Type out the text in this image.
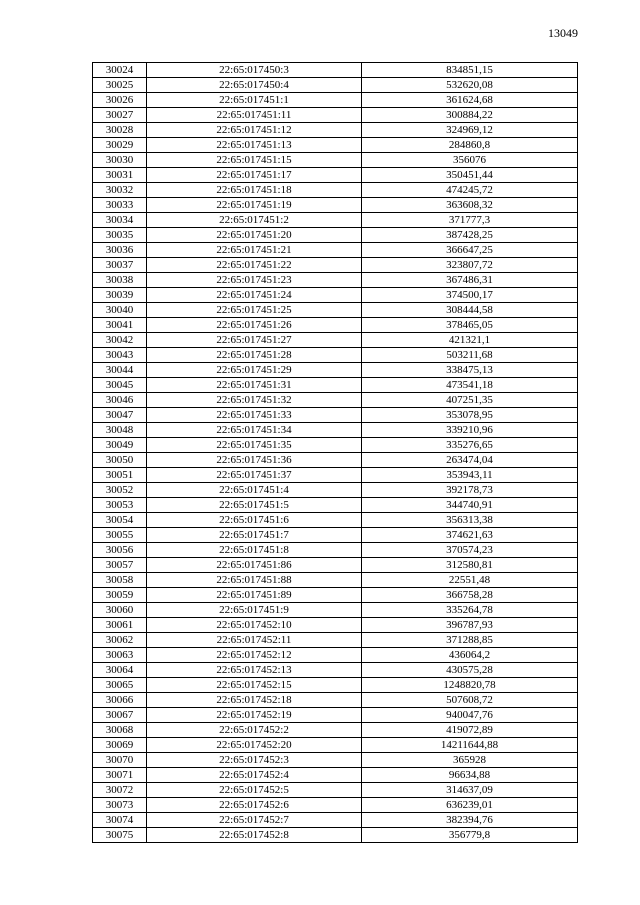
13049
30024	22:65:017450:3	834851,15
30025	22:65:017450:4	532620,08
30026	22:65:017451:1	361624,68
30027	22:65:017451:11	300884,22
30028	22:65:017451:12	324969,12
30029	22:65:017451:13	284860,8
30030	22:65:017451:15	356076
30031	22:65:017451:17	350451,44
30032	22:65:017451:18	474245,72
30033	22:65:017451:19	363608,32
30034	22:65:017451:2	371777,3
30035	22:65:017451:20	387428,25
30036	22:65:017451:21	366647,25
30037	22:65:017451:22	323807,72
30038	22:65:017451:23	367486,31
30039	22:65:017451:24	374500,17
30040	22:65:017451:25	308444,58
30041	22:65:017451:26	378465,05
30042	22:65:017451:27	421321,1
30043	22:65:017451:28	503211,68
30044	22:65:017451:29	338475,13
30045	22:65:017451:31	473541,18
30046	22:65:017451:32	407251,35
30047	22:65:017451:33	353078,95
30048	22:65:017451:34	339210,96
30049	22:65:017451:35	335276,65
30050	22:65:017451:36	263474,04
30051	22:65:017451:37	353943,11
30052	22:65:017451:4	392178,73
30053	22:65:017451:5	344740,91
30054	22:65:017451:6	356313,38
30055	22:65:017451:7	374621,63
30056	22:65:017451:8	370574,23
30057	22:65:017451:86	312580,81
30058	22:65:017451:88	22551,48
30059	22:65:017451:89	366758,28
30060	22:65:017451:9	335264,78
30061	22:65:017452:10	396787,93
30062	22:65:017452:11	371288,85
30063	22:65:017452:12	436064,2
30064	22:65:017452:13	430575,28
30065	22:65:017452:15	1248820,78
30066	22:65:017452:18	507608,72
30067	22:65:017452:19	940047,76
30068	22:65:017452:2	419072,89
30069	22:65:017452:20	14211644,88
30070	22:65:017452:3	365928
30071	22:65:017452:4	96634,88
30072	22:65:017452:5	314637,09
30073	22:65:017452:6	636239,01
30074	22:65:017452:7	382394,76
30075	22:65:017452:8	356779,8
